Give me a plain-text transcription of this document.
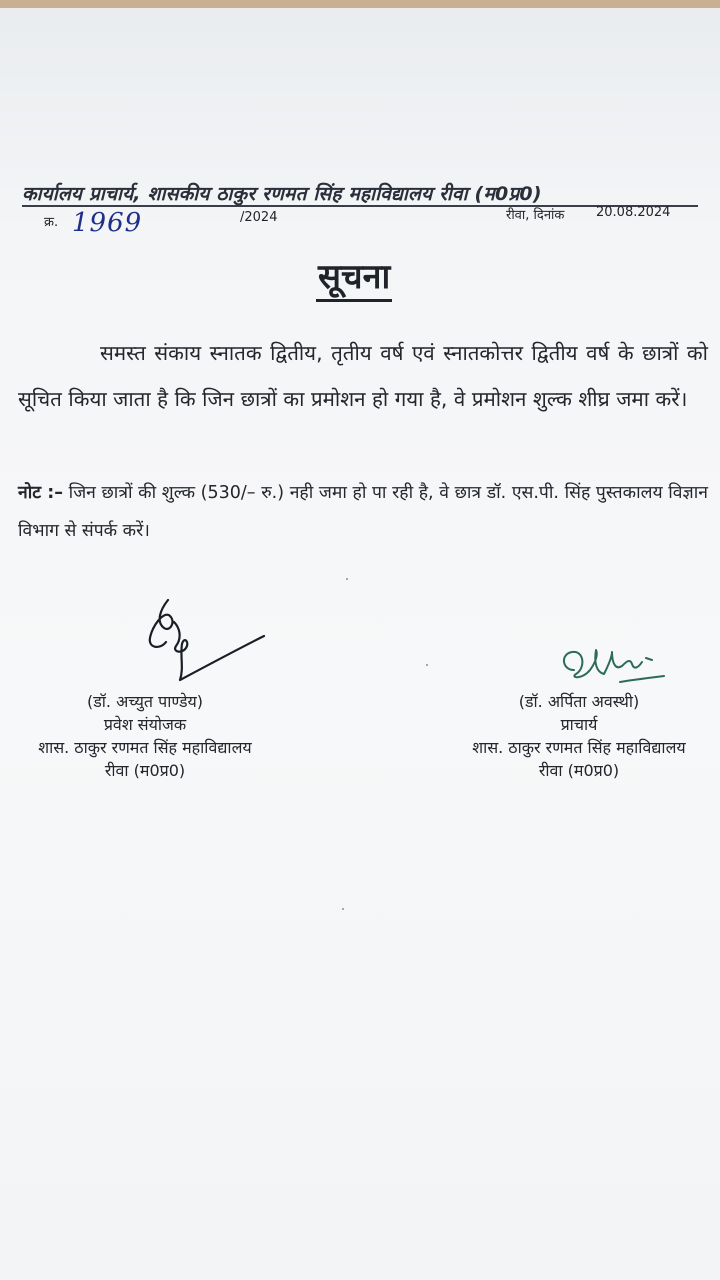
कार्यालय प्राचार्य, शासकीय ठाकुर रणमत सिंह महाविद्यालय रीवा (म0प्र0)
क्र. 1969	/2024	रीवा, दिनांक 20.08.2024
सूचना
समस्त संकाय स्नातक द्वितीय, तृतीय वर्ष एवं स्नातकोत्तर द्वितीय वर्ष के छात्रों को सूचित किया जाता है कि जिन छात्रों का प्रमोशन हो गया है, वे प्रमोशन शुल्क शीघ्र जमा करें।
नोट :– जिन छात्रों की शुल्क (530/– रु.) नही जमा हो पा रही है, वे छात्र डॉ. एस.पी. सिंह पुस्तकालय विज्ञान विभाग से संपर्क करें।
(डॉ. अच्युत पाण्डेय)
प्रवेश संयोजक
शास. ठाकुर रणमत सिंह महाविद्यालय
रीवा (म0प्र0)
(डॉ. अर्पिता अवस्थी)
प्राचार्य
शास. ठाकुर रणमत सिंह महाविद्यालय
रीवा (म0प्र0)
